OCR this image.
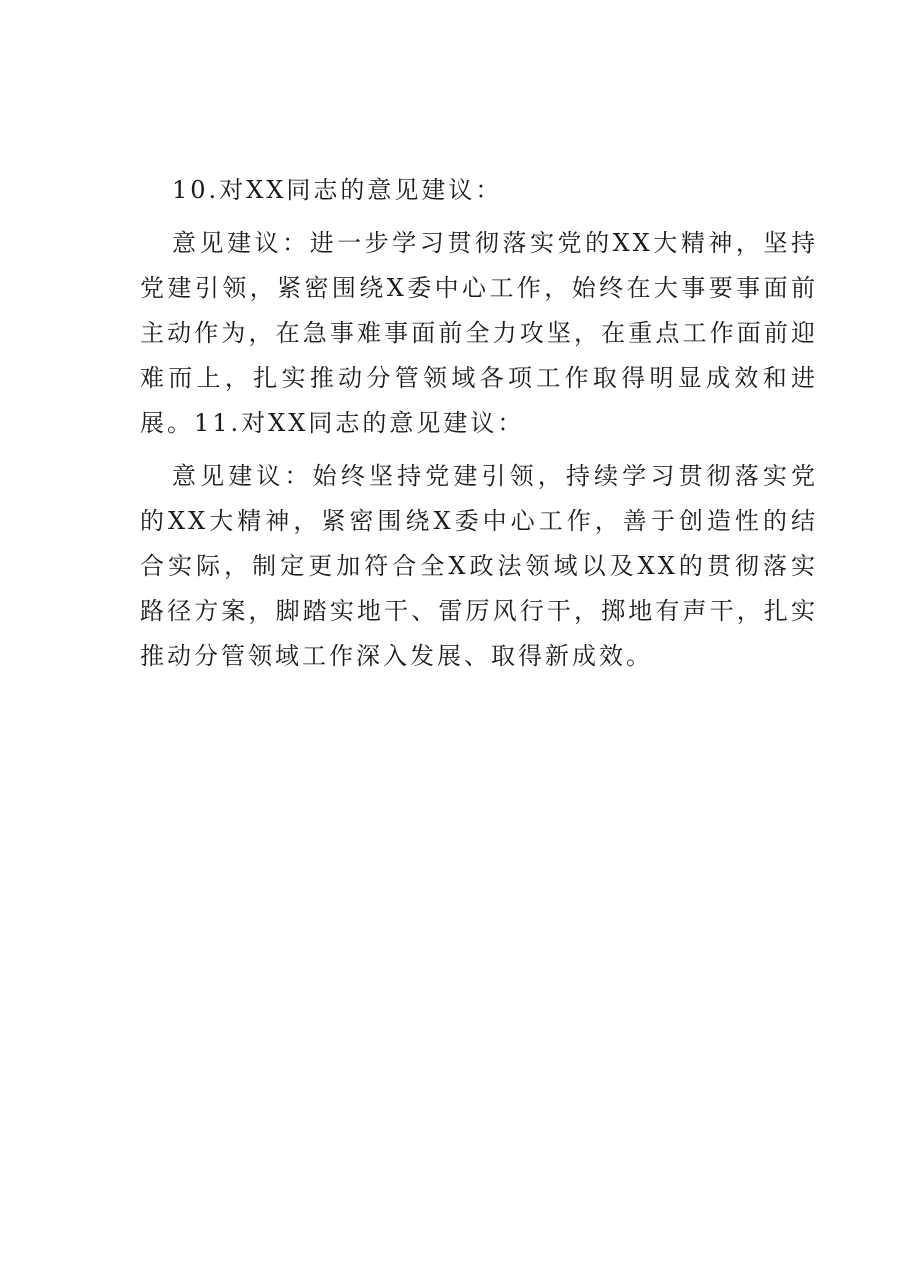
10.对XX同志的意见建议：

意见建议：进一步学习贯彻落实党的XX大精神，坚持党建引领，紧密围绕X委中心工作，始终在大事要事面前主动作为，在急事难事面前全力攻坚，在重点工作面前迎难而上，扎实推动分管领域各项工作取得明显成效和进展。11.对XX同志的意见建议：

意见建议：始终坚持党建引领，持续学习贯彻落实党的XX大精神，紧密围绕X委中心工作，善于创造性的结合实际，制定更加符合全X政法领域以及XX的贯彻落实路径方案，脚踏实地干、雷厉风行干，掷地有声干，扎实推动分管领域工作深入发展、取得新成效。
